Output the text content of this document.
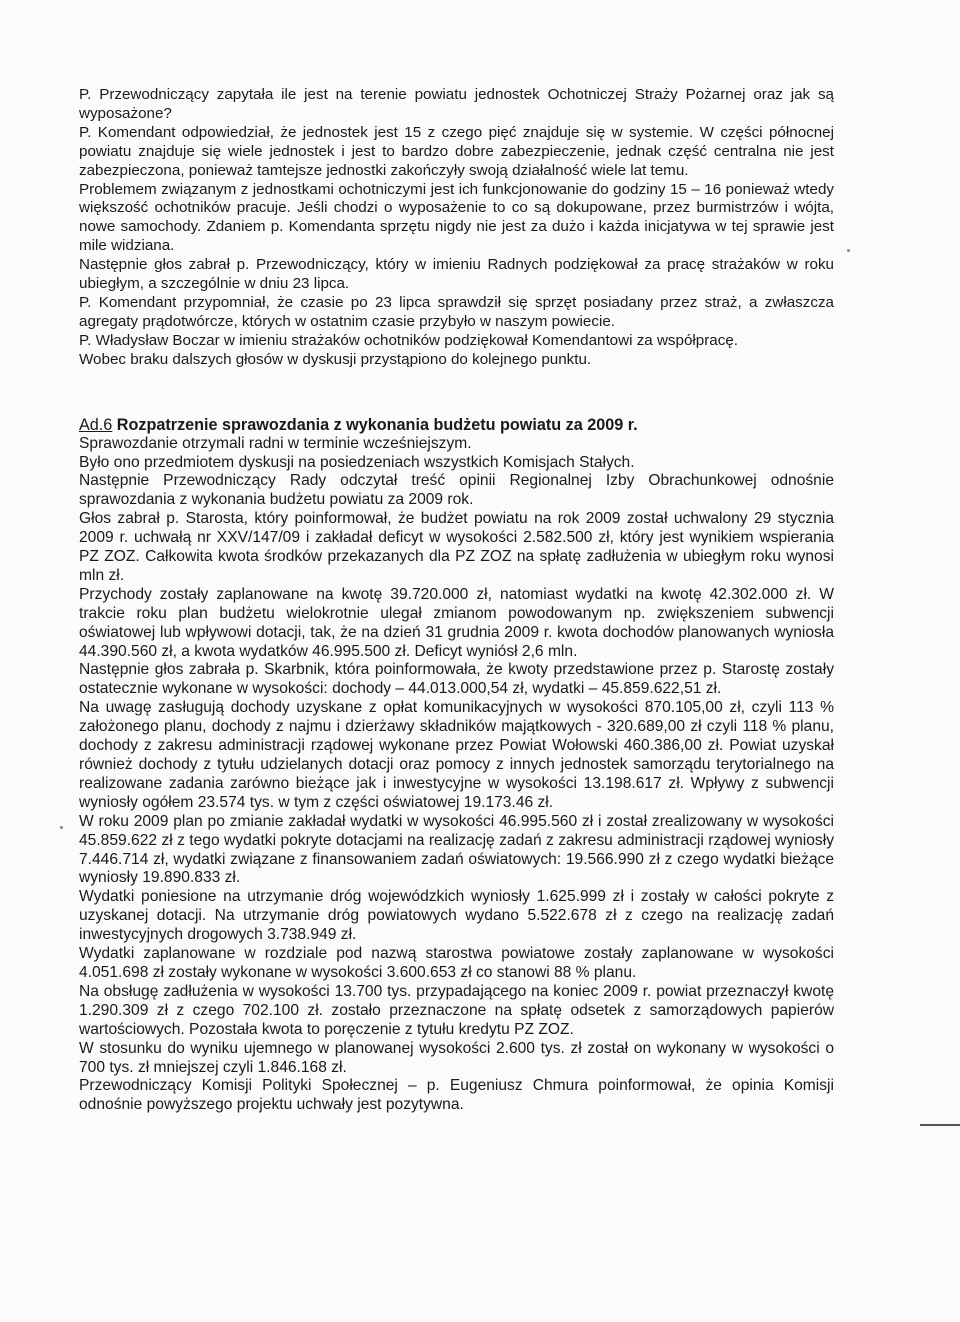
P. Przewodnicząсy zapytała ile jest na terenie powiatu jednostek Ochotniczej Straży Pożarnej oraz jak są wyposażone?

P. Komendant odpowiedział, że jednostek jest 15 z czego pięć znajduje się w systemie. W części północnej powiatu znajduje się wiele jednostek i jest to bardzo dobre zabezpieczenie, jednak część centralna nie jest zabezpieczona, ponieważ tamtejsze jednostki zakończyły swoją działalność wiele lat temu.

Problemem związanym z jednostkami ochotniczymi jest ich funkcjonowanie do godziny 15 – 16 ponieważ wtedy większość ochotników pracuje. Jeśli chodzi o wyposażenie to co są dokupowane, przez burmistrzów i wójta, nowe samochody. Zdaniem p. Komendanta sprzętu nigdy nie jest za dużo i każda inicjatywa w tej sprawie jest mile widziana.

Następnie głos zabrał p. Przewodniczący, który w imieniu Radnych podziękował za pracę strażaków w roku ubiegłym, a szczególnie w dniu 23 lipca.

P. Komendant przypomniał, że czasie po 23 lipca sprawdził się sprzęt posiadany przez straż, a zwłaszcza agregaty prądotwórcze, których w ostatnim czasie przybyło w naszym powiecie.

P. Władysław Boczar w imieniu strażaków ochotników podziękował Komendantowi za współpracę.

Wobec braku dalszych głosów w dyskusji przystąpiono do kolejnego punktu.

Ad.6 Rozpatrzenie sprawozdania z wykonania budżetu powiatu za 2009 r.

Sprawozdanie otrzymali radni w terminie wcześniejszym.

Było ono przedmiotem dyskusji na posiedzeniach wszystkich Komisjach Stałych.

Następnie Przewodniczący Rady odczytał treść opinii Regionalnej Izby Obrachunkowej odnośnie sprawozdania z wykonania budżetu powiatu za 2009 rok.

Głos zabrał p. Starosta, który poinformował, że budżet powiatu na rok 2009 został uchwalony 29 stycznia 2009 r. uchwałą nr XXV/147/09 i zakładał deficyt w wysokości 2.582.500 zł, który jest wynikiem wspierania PZ ZOZ. Całkowita kwota środków przekazanych dla PZ ZOZ na spłatę zadłużenia w ubiegłym roku wynosi mln zł.

Przychody zostały zaplanowane na kwotę 39.720.000 zł, natomiast wydatki na kwotę 42.302.000 zł. W trakcie roku plan budżetu wielokrotnie ulegał zmianom powodowanym np. zwiększeniem subwencji oświatowej lub wpływowi dotacji, tak, że na dzień 31 grudnia 2009 r. kwota dochodów planowanych wyniosła 44.390.560 zł, a kwota wydatków 46.995.500 zł. Deficyt wyniósł 2,6 mln.

Następnie głos zabrała p. Skarbnik, która poinformowała, że kwoty przedstawione przez p. Starostę zostały ostatecznie wykonane w wysokości: dochody – 44.013.000,54 zł, wydatki – 45.859.622,51 zł.

Na uwagę zasługują dochody uzyskane z opłat komunikacyjnych w wysokości 870.105,00 zł, czyli 113 % założonego planu, dochody z najmu i dzierżawy składników majątkowych - 320.689,00 zł czyli 118 % planu, dochody z zakresu administracji rządowej wykonane przez Powiat Wołowski 460.386,00 zł. Powiat uzyskał również dochody z tytułu udzielanych dotacji oraz pomocy z innych jednostek samorządu terytorialnego na realizowane zadania zarówno bieżące jak i inwestycyjne w wysokości 13.198.617 zł. Wpływy z subwencji wyniosły ogółem 23.574 tys. w tym z części oświatowej 19.173.46 zł.

W roku 2009 plan po zmianie zakładał wydatki w wysokości 46.995.560 zł i został zrealizowany w wysokości 45.859.622 zł z tego wydatki pokryte dotacjami na realizację zadań z zakresu administracji rządowej wyniosły 7.446.714 zł, wydatki związane z finansowaniem zadań oświatowych: 19.566.990 zł z czego wydatki bieżące wyniosły 19.890.833 zł.

Wydatki poniesione na utrzymanie dróg wojewódzkich wyniosły 1.625.999 zł i zostały w całości pokryte z uzyskanej dotacji. Na utrzymanie dróg powiatowych wydano 5.522.678 zł z czego na realizację zadań inwestycyjnych drogowych 3.738.949 zł.

Wydatki zaplanowane w rozdziale pod nazwą starostwa powiatowe zostały zaplanowane w wysokości 4.051.698 zł zostały wykonane w wysokości 3.600.653 zł co stanowi 88 % planu.

Na obsługę zadłużenia w wysokości 13.700 tys. przypadającego na koniec 2009 r. powiat przeznaczył kwotę 1.290.309 zł z czego 702.100 zł. zostało przeznaczone na spłatę odsetek z samorządowych papierów wartościowych. Pozostała kwota to poręczenie z tytułu kredytu PZ ZOZ.

W stosunku do wyniku ujemnego w planowanej wysokości 2.600 tys. zł został on wykonany w wysokości o 700 tys. zł mniejszej czyli 1.846.168 zł.

Przewodniczący Komisji Polityki Społecznej – p. Eugeniusz Chmura poinformował, że opinia Komisji odnośnie powyższego projektu uchwały jest pozytywna.
